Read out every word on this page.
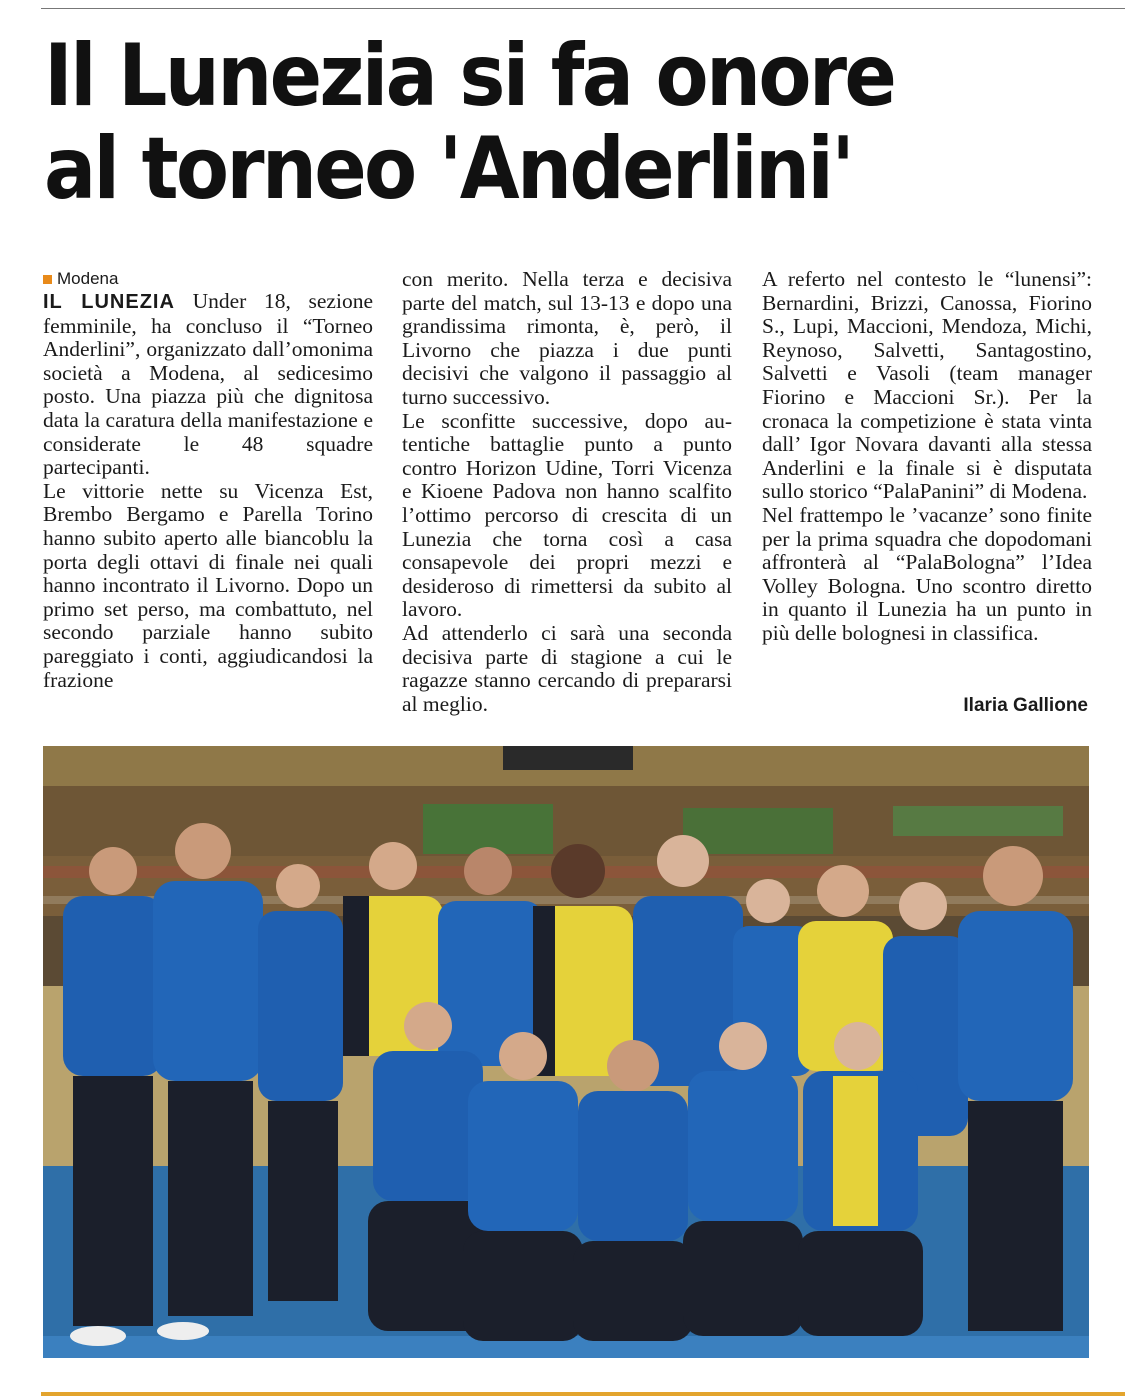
Il Lunezia si fa onore
al torneo 'Anderlini'
Modena

IL LUNEZIA Under 18, sezione femminile, ha concluso il “Torneo Anderlini”, organizzato dall’omonima società a Modena, al sedicesimo posto. Una piazza più che dignitosa data la caratura della manifestazione e considerate le 48 squadre partecipanti.

Le vittorie nette su Vicenza Est, Brembo Bergamo e Parella Torino hanno subito aperto alle biancoblu la porta degli ottavi di finale nei quali hanno incontrato il Livorno. Dopo un primo set perso, ma combattuto, nel secondo parziale hanno subito pareggiato i conti, aggiudicandosi la frazione

con merito. Nella terza e decisiva parte del match, sul 13-13 e dopo una grandissima rimonta, è, però, il Livorno che piazza i due punti decisivi che valgono il passaggio al turno successivo.

Le sconfitte successive, dopo autentiche battaglie punto a punto contro Horizon Udine, Torri Vicenza e Kioene Padova non hanno scalfito l’ottimo percorso di crescita di un Lunezia che torna così a casa consapevole dei propri mezzi e desideroso di rimettersi da subito al lavoro.

Ad attenderlo ci sarà una seconda decisiva parte di stagione a cui le ragazze stanno cercando di prepararsi al meglio.

A referto nel contesto le “lunensi”: Bernardini, Brizzi, Canossa, Fiorino S., Lupi, Maccioni, Mendoza, Michi, Reynoso, Salvetti, Santagostino, Salvetti e Vasoli (team manager Fiorino e Maccioni Sr.). Per la cronaca la competizione è stata vinta dall’ Igor Novara davanti alla stessa Anderlini e la finale si è disputata sullo storico “PalaPanini” di Modena.

Nel frattempo le ’vacanze’ sono finite per la prima squadra che dopodomani affronterà al “PalaBologna” l’Idea Volley Bologna. Uno scontro diretto in quanto il Lunezia ha un punto in più delle bolognesi in classifica.

Ilaria Gallione
